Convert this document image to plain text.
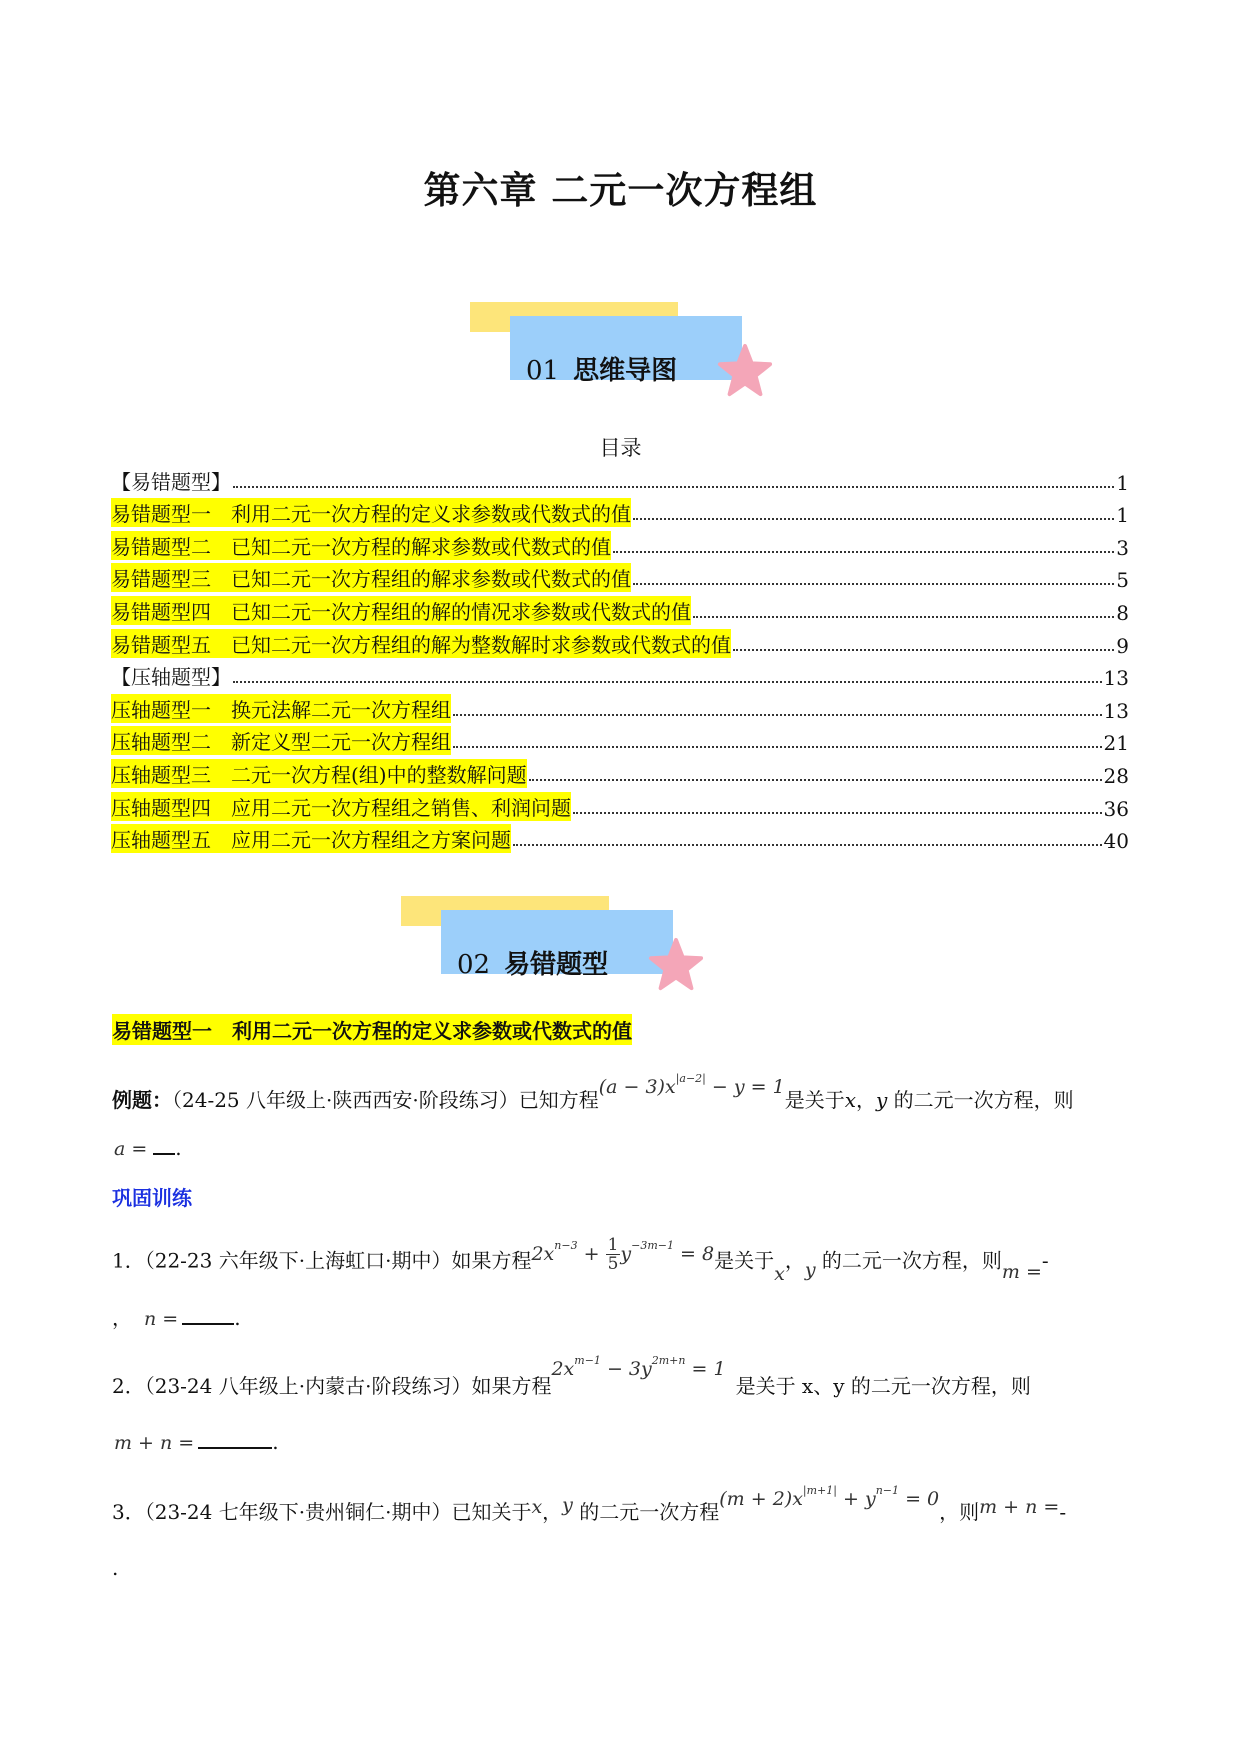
第六章 二元一次方程组
01 思维导图
目录
【易错题型】	1
易错题型一　利用二元一次方程的定义求参数或代数式的值	1
易错题型二　已知二元一次方程的解求参数或代数式的值	3
易错题型三　已知二元一次方程组的解求参数或代数式的值	5
易错题型四　已知二元一次方程组的解的情况求参数或代数式的值	8
易错题型五　已知二元一次方程组的解为整数解时求参数或代数式的值	9
【压轴题型】	13
压轴题型一　换元法解二元一次方程组	13
压轴题型二　新定义型二元一次方程组	21
压轴题型三　二元一次方程(组)中的整数解问题	28
压轴题型四　应用二元一次方程组之销售、利润问题	36
压轴题型五　应用二元一次方程组之方案问题	40
02 易错题型
易错题型一　利用二元一次方程的定义求参数或代数式的值
例题：（24-25 八年级上·陕西西安·阶段练习）已知方程$(a - 3)x^{|a-2|} - y = 1$是关于x，y 的二元一次方程，则
a = .
巩固训练
1．（22-23 六年级下·上海虹口·期中）如果方程$2x^{n-3} + \frac{1}{5} y^{-3m-1} = 8$是关于x，y 的二元一次方程，则m =-
， n =	.
2．（23-24 八年级上·内蒙古·阶段练习）如果方程$2x^{m-1} - 3y^{2m+n} = 1$是关于 x、y 的二元一次方程，则
m + n =	.
3．（23-24 七年级下·贵州铜仁·期中）已知关于x，y 的二元一次方程$(m + 2)x^{|m+1|} + y^{n-1} = 0$，则m + n =-
.
